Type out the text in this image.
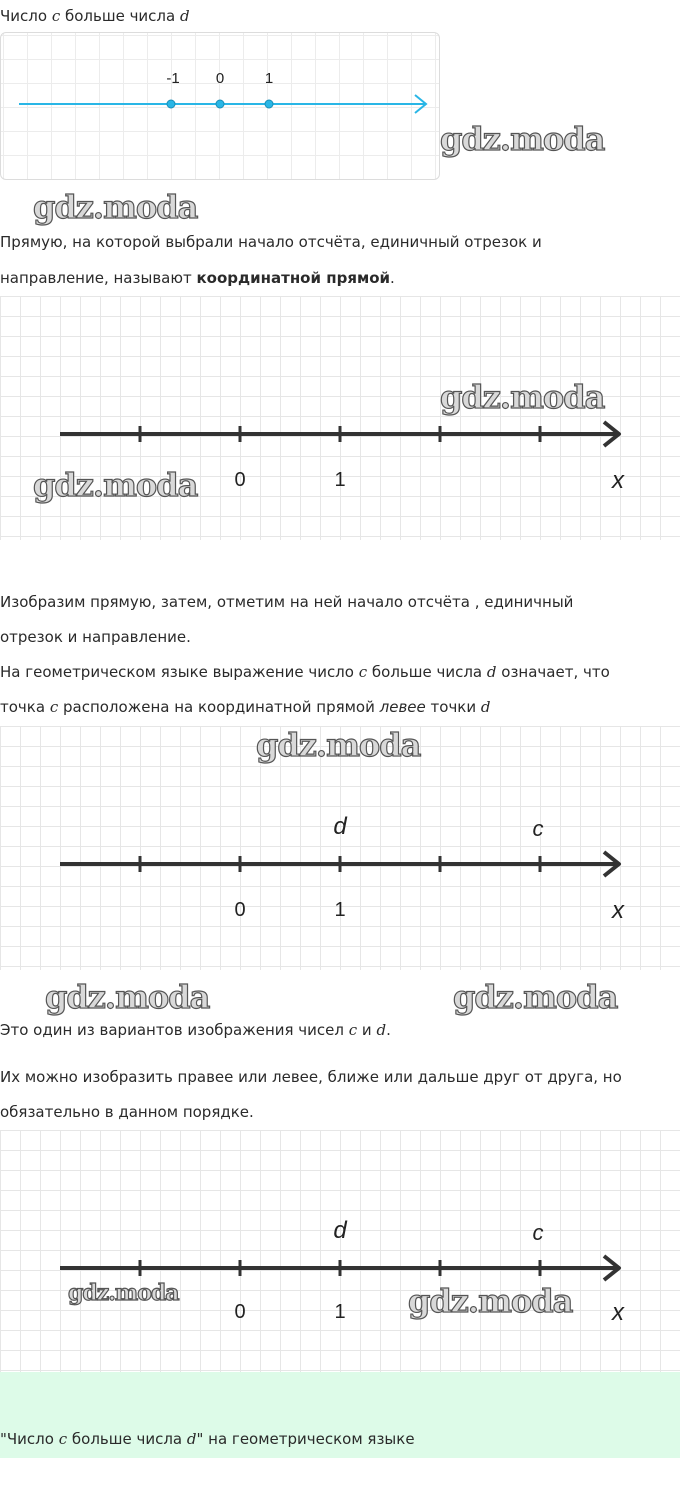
Число c больше числа d
-1 0	1
gdz.moda
gdz.moda
Прямую, на которой выбрали начало отсчёта, единичный отрезок и
направление, называют координатной прямой.
0	1	x
gdz.moda
gdz.moda
Изобразим прямую, затем, отметим на ней начало отсчёта , единичный
отрезок и направление.
На геометрическом языке выражение число c больше числа d означает, что
точка c расположена на координатной прямой левее точки d
d	c
0	1	x
gdz.moda
gdz.moda	gdz.moda
Это один из вариантов изображения чисел c и d.
Их можно изобразить правее или левее, ближе или дальше друг от друга, но
обязательно в данном порядке.
d	c
0	1	x
gdz.moda	gdz.moda
"Число c больше числа d" на геометрическом языке
